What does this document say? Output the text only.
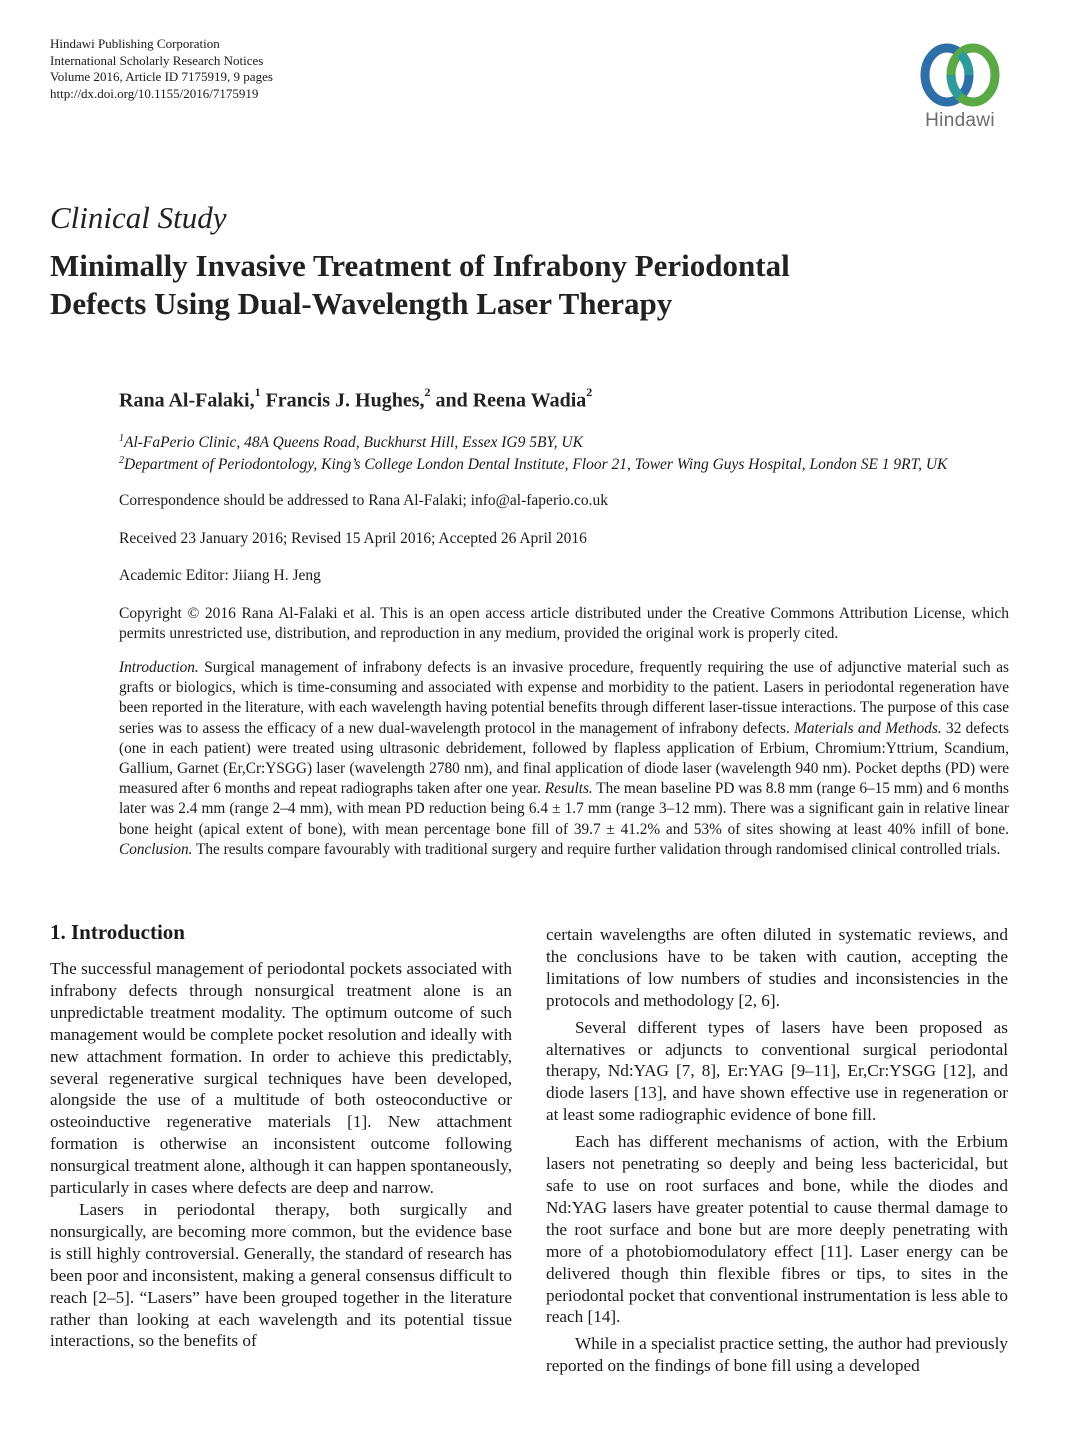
Hindawi Publishing Corporation
International Scholarly Research Notices
Volume 2016, Article ID 7175919, 9 pages
http://dx.doi.org/10.1155/2016/7175919
Hindawi
Clinical Study
Minimally Invasive Treatment of Infrabony Periodontal
Defects Using Dual-Wavelength Laser Therapy
Rana Al-Falaki,$^1$ Francis J. Hughes,$^2$ and Reena Wadia$^2$
$^1$Al-FaPerio Clinic, 48A Queens Road, Buckhurst Hill, Essex IG9 5BY, UK
$^2$Department of Periodontology, King’s College London Dental Institute, Floor 21, Tower Wing Guys Hospital, London SE 1 9RT, UK
Correspondence should be addressed to Rana Al-Falaki; info@al-faperio.co.uk
Received 23 January 2016; Revised 15 April 2016; Accepted 26 April 2016
Academic Editor: Jiiang H. Jeng
Copyright © 2016 Rana Al-Falaki et al. This is an open access article distributed under the Creative Commons Attribution License, which permits unrestricted use, distribution, and reproduction in any medium, provided the original work is properly cited.
Introduction. Surgical management of infrabony defects is an invasive procedure, frequently requiring the use of adjunctive material such as grafts or biologics, which is time-consuming and associated with expense and morbidity to the patient. Lasers in periodontal regeneration have been reported in the literature, with each wavelength having potential benefits through different laser-tissue interactions. The purpose of this case series was to assess the efficacy of a new dual-wavelength protocol in the management of infrabony defects. Materials and Methods. 32 defects (one in each patient) were treated using ultrasonic debridement, followed by flapless application of Erbium, Chromium:Yttrium, Scandium, Gallium, Garnet (Er,Cr:YSGG) laser (wavelength 2780 nm), and final application of diode laser (wavelength 940 nm). Pocket depths (PD) were measured after 6 months and repeat radiographs taken after one year. Results. The mean baseline PD was 8.8 mm (range 6–15 mm) and 6 months later was 2.4 mm (range 2–4 mm), with mean PD reduction being 6.4 ± 1.7 mm (range 3–12 mm). There was a significant gain in relative linear bone height (apical extent of bone), with mean percentage bone fill of 39.7 ± 41.2% and 53% of sites showing at least 40% infill of bone. Conclusion. The results compare favourably with traditional surgery and require further validation through randomised clinical controlled trials.
1. Introduction

The successful management of periodontal pockets associated with infrabony defects through nonsurgical treatment alone is an unpredictable treatment modality. The optimum outcome of such management would be complete pocket resolution and ideally with new attachment formation. In order to achieve this predictably, several regenerative surgical techniques have been developed, alongside the use of a multitude of both osteoconductive or osteoinductive regenerative materials [1]. New attachment formation is otherwise an inconsistent outcome following nonsurgical treatment alone, although it can happen spontaneously, particularly in cases where defects are deep and narrow.

Lasers in periodontal therapy, both surgically and nonsurgically, are becoming more common, but the evidence base is still highly controversial. Generally, the standard of research has been poor and inconsistent, making a general consensus difficult to reach [2–5]. “Lasers” have been grouped together in the literature rather than looking at each wavelength and its potential tissue interactions, so the benefits of

certain wavelengths are often diluted in systematic reviews, and the conclusions have to be taken with caution, accepting the limitations of low numbers of studies and inconsistencies in the protocols and methodology [2, 6].

Several different types of lasers have been proposed as alternatives or adjuncts to conventional surgical periodontal therapy, Nd:YAG [7, 8], Er:YAG [9–11], Er,Cr:YSGG [12], and diode lasers [13], and have shown effective use in regeneration or at least some radiographic evidence of bone fill.

Each has different mechanisms of action, with the Erbium lasers not penetrating so deeply and being less bactericidal, but safe to use on root surfaces and bone, while the diodes and Nd:YAG lasers have greater potential to cause thermal damage to the root surface and bone but are more deeply penetrating with more of a photobiomodulatory effect [11]. Laser energy can be delivered though thin flexible fibres or tips, to sites in the periodontal pocket that conventional instrumentation is less able to reach [14].

While in a specialist practice setting, the author had previously reported on the findings of bone fill using a developed
